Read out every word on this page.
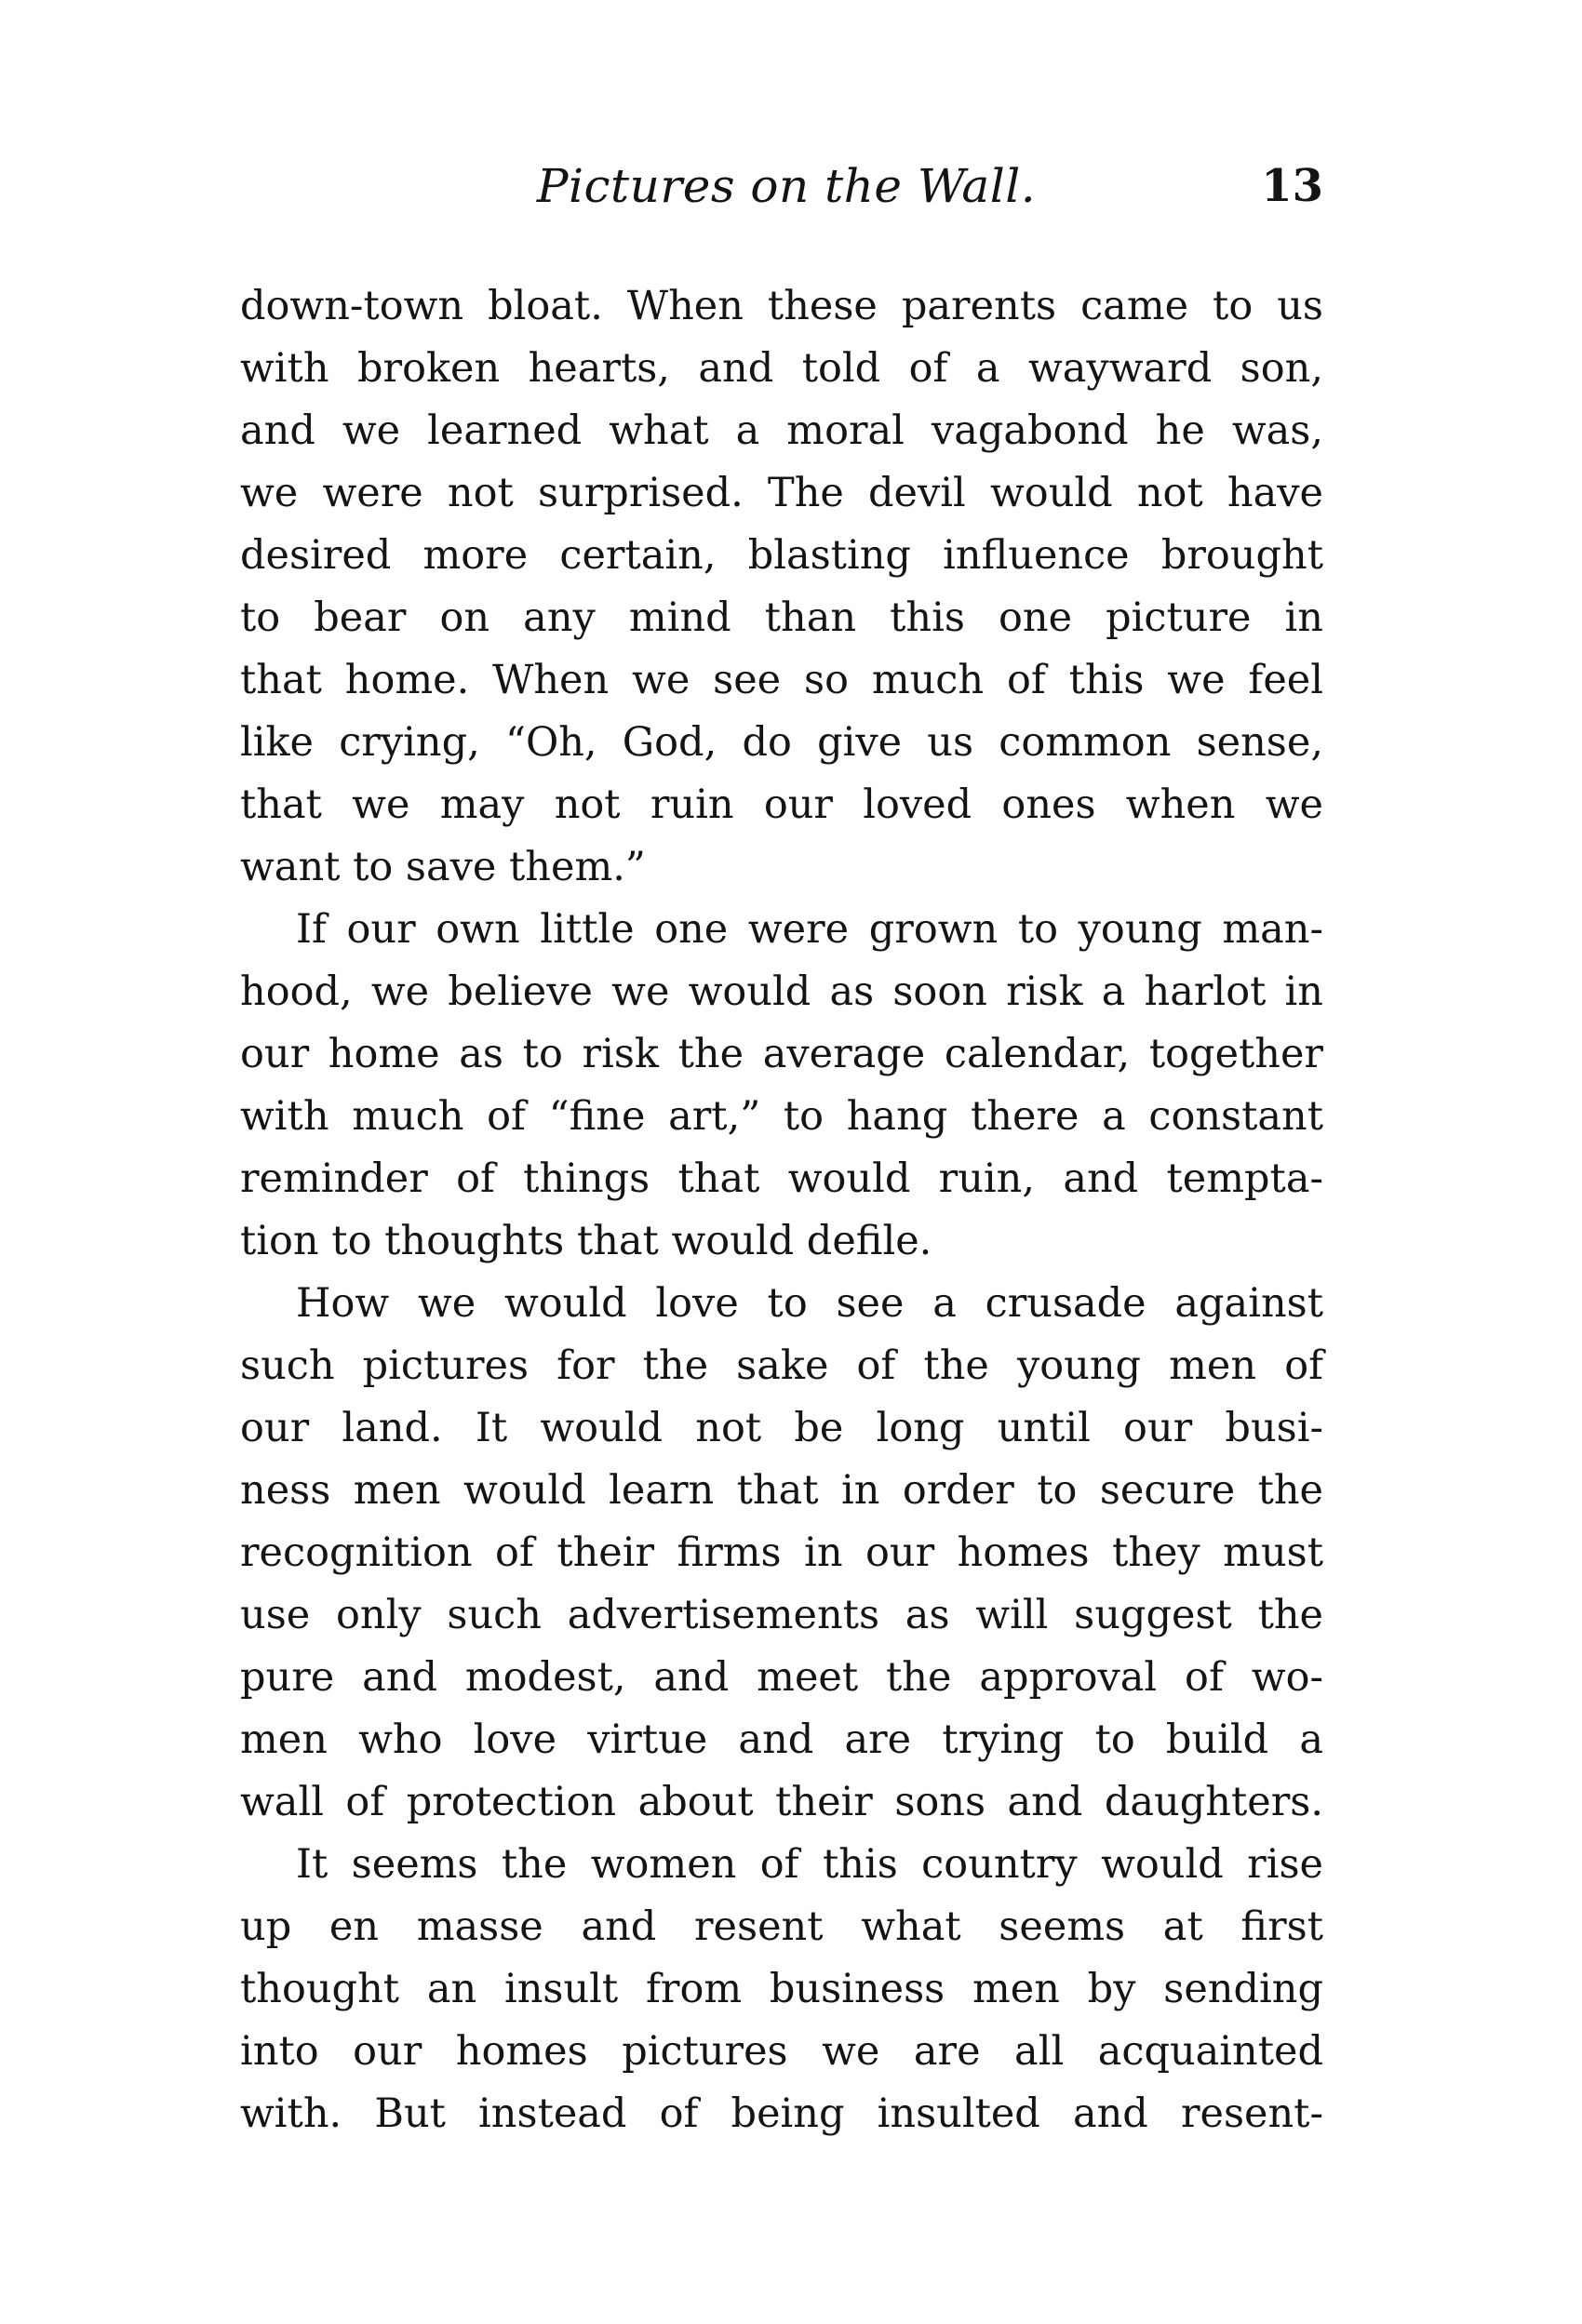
Pictures on the Wall.	13
down-town bloat. When these parents came to us
with broken hearts, and told of a wayward son,
and we learned what a moral vagabond he was,
we were not surprised. The devil would not have
desired more certain, blasting influence brought
to bear on any mind than this one picture in
that home. When we see so much of this we feel
like crying, “Oh, God, do give us common sense,
that we may not ruin our loved ones when we
want to save them.”
If our own little one were grown to young man-
hood, we believe we would as soon risk a harlot in
our home as to risk the average calendar, together
with much of “fine art,” to hang there a constant
reminder of things that would ruin, and tempta-
tion to thoughts that would defile.
How we would love to see a crusade against
such pictures for the sake of the young men of
our land. It would not be long until our busi-
ness men would learn that in order to secure the
recognition of their firms in our homes they must
use only such advertisements as will suggest the
pure and modest, and meet the approval of wo-
men who love virtue and are trying to build a
wall of protection about their sons and daughters.
It seems the women of this country would rise
up en masse and resent what seems at first
thought an insult from business men by sending
into our homes pictures we are all acquainted
with. But instead of being insulted and resent-
